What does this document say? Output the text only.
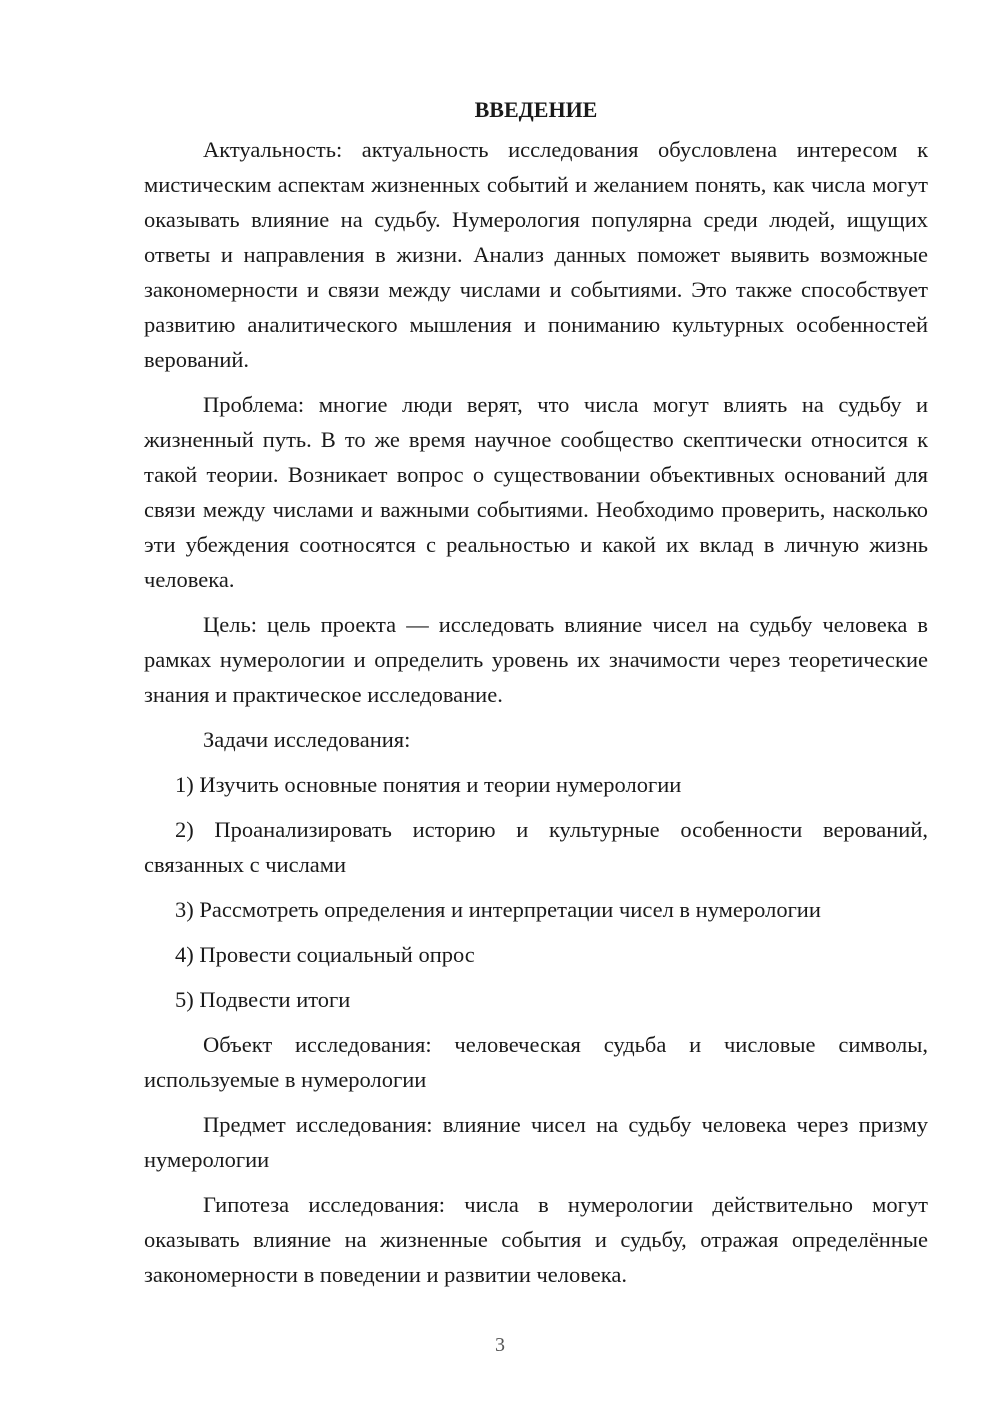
ВВЕДЕНИЕ

Актуальность: актуальность исследования обусловлена интересом к мистическим аспектам жизненных событий и желанием понять, как числа могут оказывать влияние на судьбу. Нумерология популярна среди людей, ищущих ответы и направления в жизни. Анализ данных поможет выявить возможные закономерности и связи между числами и событиями. Это также способствует развитию аналитического мышления и пониманию культурных особенностей верований.

Проблема: многие люди верят, что числа могут влиять на судьбу и жизненный путь. В то же время научное сообщество скептически относится к такой теории. Возникает вопрос о существовании объективных оснований для связи между числами и важными событиями. Необходимо проверить, насколько эти убеждения соотносятся с реальностью и какой их вклад в личную жизнь человека.

Цель: цель проекта — исследовать влияние чисел на судьбу человека в рамках нумерологии и определить уровень их значимости через теоретические знания и практическое исследование.

Задачи исследования:

1) Изучить основные понятия и теории нумерологии

2) Проанализировать историю и культурные особенности верований, связанных с числами

3) Рассмотреть определения и интерпретации чисел в нумерологии

4) Провести социальный опрос

5) Подвести итоги

Объект исследования: человеческая судьба и числовые символы, используемые в нумерологии

Предмет исследования: влияние чисел на судьбу человека через призму нумерологии

Гипотеза исследования: числа в нумерологии действительно могут оказывать влияние на жизненные события и судьбу, отражая определённые закономерности в поведении и развитии человека.

3
